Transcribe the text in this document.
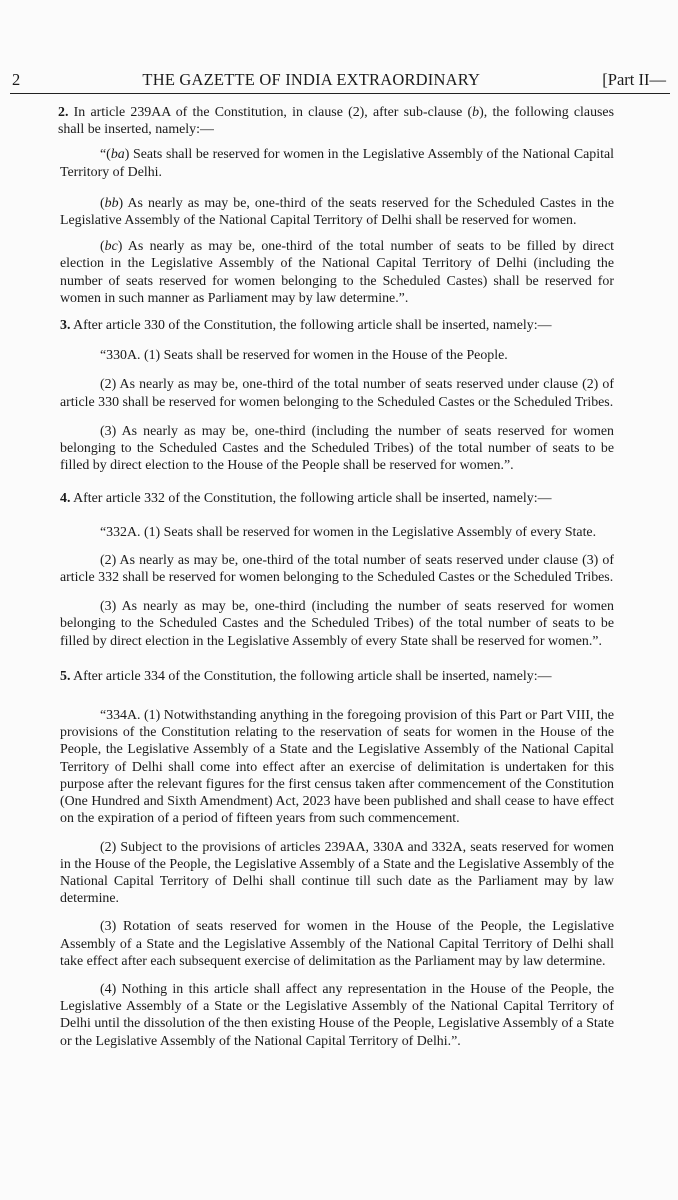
2	THE GAZETTE OF INDIA EXTRAORDINARY	[Part II—

2. In article 239AA of the Constitution, in clause (2), after sub-clause (b), the following clauses shall be inserted, namely:—

“(ba) Seats shall be reserved for women in the Legislative Assembly of the National Capital Territory of Delhi.

(bb) As nearly as may be, one-third of the seats reserved for the Scheduled Castes in the Legislative Assembly of the National Capital Territory of Delhi shall be reserved for women.

(bc) As nearly as may be, one-third of the total number of seats to be filled by direct election in the Legislative Assembly of the National Capital Territory of Delhi (including the number of seats reserved for women belonging to the Scheduled Castes) shall be reserved for women in such manner as Parliament may by law determine.”.

3. After article 330 of the Constitution, the following article shall be inserted, namely:—

“330A. (1) Seats shall be reserved for women in the House of the People.

(2) As nearly as may be, one-third of the total number of seats reserved under clause (2) of article 330 shall be reserved for women belonging to the Scheduled Castes or the Scheduled Tribes.

(3) As nearly as may be, one-third (including the number of seats reserved for women belonging to the Scheduled Castes and the Scheduled Tribes) of the total number of seats to be filled by direct election to the House of the People shall be reserved for women.”.

4. After article 332 of the Constitution, the following article shall be inserted, namely:—

“332A. (1) Seats shall be reserved for women in the Legislative Assembly of every State.

(2) As nearly as may be, one-third of the total number of seats reserved under clause (3) of article 332 shall be reserved for women belonging to the Scheduled Castes or the Scheduled Tribes.

(3) As nearly as may be, one-third (including the number of seats reserved for women belonging to the Scheduled Castes and the Scheduled Tribes) of the total number of seats to be filled by direct election in the Legislative Assembly of every State shall be reserved for women.”.

5. After article 334 of the Constitution, the following article shall be inserted, namely:—

“334A. (1) Notwithstanding anything in the foregoing provision of this Part or Part VIII, the provisions of the Constitution relating to the reservation of seats for women in the House of the People, the Legislative Assembly of a State and the Legislative Assembly of the National Capital Territory of Delhi shall come into effect after an exercise of delimitation is undertaken for this purpose after the relevant figures for the first census taken after commencement of the Constitution (One Hundred and Sixth Amendment) Act, 2023 have been published and shall cease to have effect on the expiration of a period of fifteen years from such commencement.

(2) Subject to the provisions of articles 239AA, 330A and 332A, seats reserved for women in the House of the People, the Legislative Assembly of a State and the Legislative Assembly of the National Capital Territory of Delhi shall continue till such date as the Parliament may by law determine.

(3) Rotation of seats reserved for women in the House of the People, the Legislative Assembly of a State and the Legislative Assembly of the National Capital Territory of Delhi shall take effect after each subsequent exercise of delimitation as the Parliament may by law determine.

(4) Nothing in this article shall affect any representation in the House of the People, the Legislative Assembly of a State or the Legislative Assembly of the National Capital Territory of Delhi until the dissolution of the then existing House of the People, Legislative Assembly of a State or the Legislative Assembly of the National Capital Territory of Delhi.”.
